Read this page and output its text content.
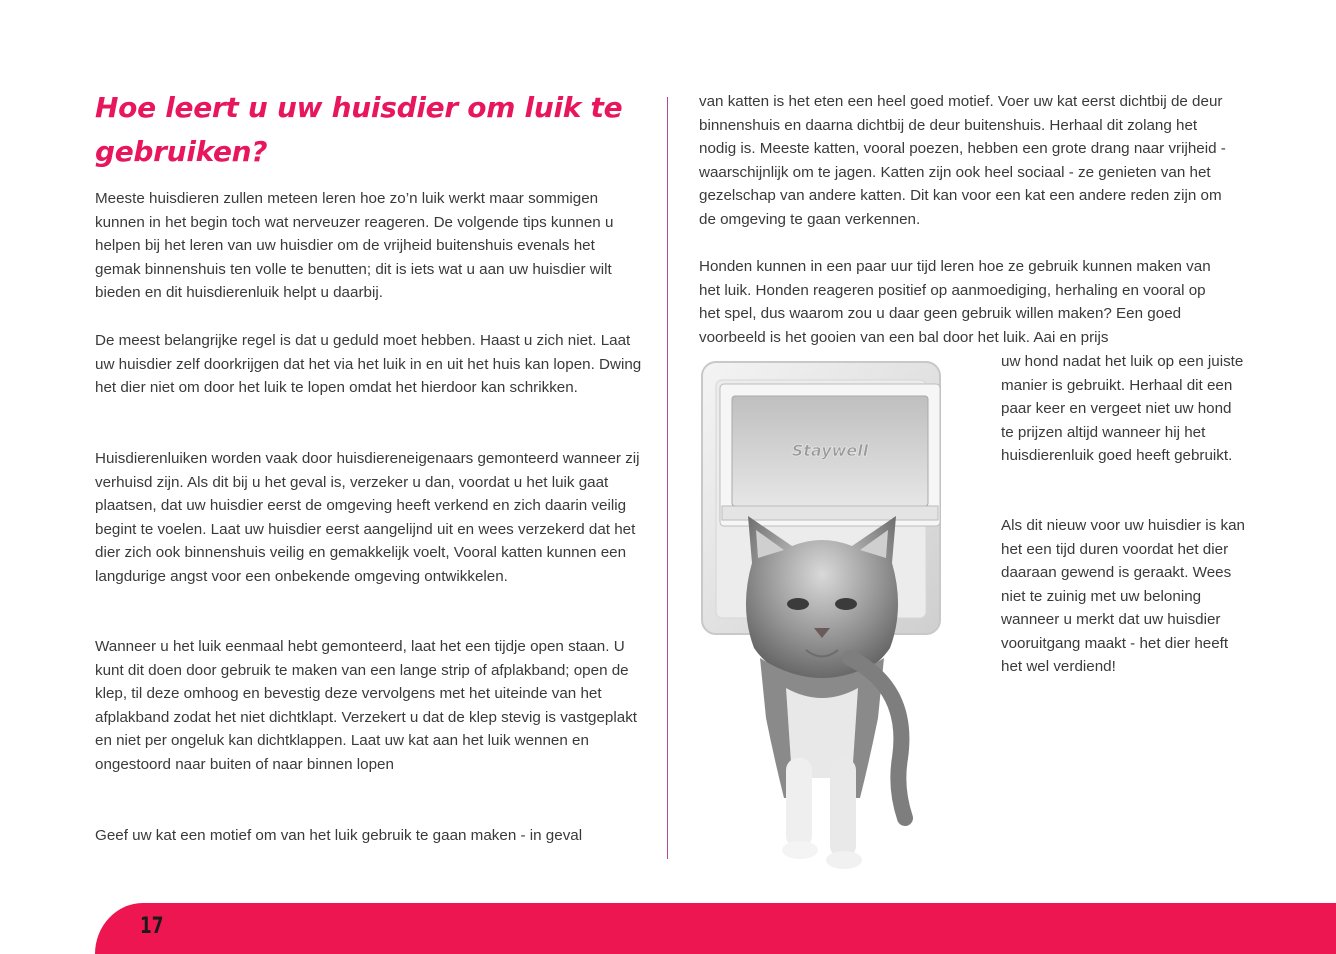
Hoe leert u uw huisdier om luik te gebruiken?

Meeste huisdieren zullen meteen leren hoe zo’n luik werkt maar sommigen kunnen in het begin toch wat nerveuzer reageren. De volgende tips kunnen u helpen bij het leren van uw huisdier om de vrijheid buitenshuis evenals het gemak binnenshuis ten volle te benutten; dit is iets wat u aan uw huisdier wilt bieden en dit huisdierenluik helpt u daarbij.

De meest belangrijke regel is dat u geduld moet hebben. Haast u zich niet. Laat uw huisdier zelf doorkrijgen dat het via het luik in en uit het huis kan lopen. Dwing het dier niet om door het luik te lopen omdat het hierdoor kan schrikken.

Huisdierenluiken worden vaak door huisdiereneigenaars gemonteerd wanneer zij verhuisd zijn. Als dit bij u het geval is, verzeker u dan, voordat u het luik gaat plaatsen, dat uw huisdier eerst de omgeving heeft verkend en zich daarin veilig begint te voelen. Laat uw huisdier eerst aangelijnd uit en wees verzekerd dat het dier zich ook binnenshuis veilig en gemakkelijk voelt, Vooral katten kunnen een langdurige angst voor een onbekende omgeving ontwikkelen.

Wanneer u het luik eenmaal hebt gemonteerd, laat het een tijdje open staan. U kunt dit doen door gebruik te maken van een lange strip of afplakband; open de klep, til deze omhoog en bevestig deze vervolgens met het uiteinde van het afplakband zodat het niet dichtklapt. Verzekert u dat de klep stevig is vastgeplakt en niet per ongeluk kan dichtklappen. Laat uw kat aan het luik wennen en ongestoord naar buiten of naar binnen lopen

Geef uw kat een motief om van het luik gebruik te gaan maken - in geval

van katten is het eten een heel goed motief. Voer uw kat eerst dichtbij de deur binnenshuis en daarna dichtbij de deur buitenshuis. Herhaal dit zolang het nodig is. Meeste katten, vooral poezen, hebben een grote drang naar vrijheid - waarschijnlijk om te jagen. Katten zijn ook heel sociaal - ze genieten van het gezelschap van andere katten. Dit kan voor een kat een andere reden zijn om de omgeving te gaan verkennen.

Honden kunnen in een paar uur tijd leren hoe ze gebruik kunnen maken van het luik. Honden reageren positief op aanmoediging, herhaling en vooral op het spel, dus waarom zou u daar geen gebruik willen maken? Een goed voorbeeld is het gooien van een bal door het luik. Aai en prijs

uw hond nadat het luik op een juiste manier is gebruikt. Herhaal dit een paar keer en vergeet niet uw hond te prijzen altijd wanneer hij het huisdierenluik goed heeft gebruikt.

Als dit nieuw voor uw huisdier is kan het een tijd duren voordat het dier daaraan gewend is geraakt. Wees niet te zuinig met uw beloning wanneer u merkt dat uw huisdier vooruitgang maakt - het dier heeft het wel verdiend!

Staywell
17
